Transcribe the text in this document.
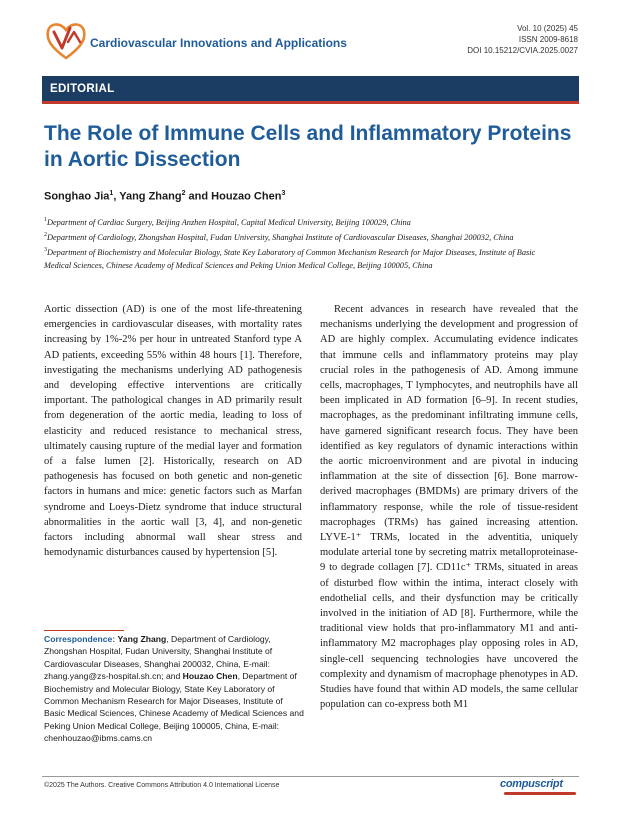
Cardiovascular Innovations and Applications
Vol. 10 (2025) 45
ISSN 2009-8618
DOI 10.15212/CVIA.2025.0027
EDITORIAL
The Role of Immune Cells and Inflammatory Proteins in Aortic Dissection
Songhao Jia$^1$, Yang Zhang$^2$ and Houzao Chen$^3$

$^1$Department of Cardiac Surgery, Beijing Anzhen Hospital, Capital Medical University, Beijing 100029, China

$^2$Department of Cardiology, Zhongshan Hospital, Fudan University, Shanghai Institute of Cardiovascular Diseases, Shanghai 200032, China

$^3$Department of Biochemistry and Molecular Biology, State Key Laboratory of Common Mechanism Research for Major Diseases, Institute of Basic Medical Sciences, Chinese Academy of Medical Sciences and Peking Union Medical College, Beijing 100005, China

Aortic dissection (AD) is one of the most life-threatening emergencies in cardiovascular diseases, with mortality rates increasing by 1%-2% per hour in untreated Stanford type A AD patients, exceeding 55% within 48 hours [1]. Therefore, investigating the mechanisms underlying AD pathogenesis and developing effective interventions are critically important. The pathological changes in AD primarily result from degeneration of the aortic media, leading to loss of elasticity and reduced resistance to mechanical stress, ultimately causing rupture of the medial layer and formation of a false lumen [2]. Historically, research on AD pathogenesis has focused on both genetic and non-genetic factors in humans and mice: genetic factors such as Marfan syndrome and Loeys-Dietz syndrome that induce structural abnormalities in the aortic wall [3, 4], and non-genetic factors including abnormal wall shear stress and hemodynamic disturbances caused by hypertension [5].

Recent advances in research have revealed that the mechanisms underlying the development and progression of AD are highly complex. Accumulating evidence indicates that immune cells and inflammatory proteins may play crucial roles in the pathogenesis of AD. Among immune cells, macrophages, T lymphocytes, and neutrophils have all been implicated in AD formation [6–9]. In recent studies, macrophages, as the predominant infiltrating immune cells, have garnered significant research focus. They have been identified as key regulators of dynamic interactions within the aortic microenvironment and are pivotal in inducing inflammation at the site of dissection [6]. Bone marrow-derived macrophages (BMDMs) are primary drivers of the inflammatory response, while the role of tissue-resident macrophages (TRMs) has gained increasing attention. LYVE-1⁺ TRMs, located in the adventitia, uniquely modulate arterial tone by secreting matrix metalloproteinase-9 to degrade collagen [7]. CD11c⁺ TRMs, situated in areas of disturbed flow within the intima, interact closely with endothelial cells, and their dysfunction may be critically involved in the initiation of AD [8]. Furthermore, while the traditional view holds that pro-inflammatory M1 and anti-inflammatory M2 macrophages play opposing roles in AD, single-cell sequencing technologies have uncovered the complexity and dynamism of macrophage phenotypes in AD. Studies have found that within AD models, the same cellular population can co-express both M1

Correspondence: Yang Zhang, Department of Cardiology, Zhongshan Hospital, Fudan University, Shanghai Institute of Cardiovascular Diseases, Shanghai 200032, China, E-mail: zhang.yang@zs-hospital.sh.cn; and Houzao Chen, Department of Biochemistry and Molecular Biology, State Key Laboratory of Common Mechanism Research for Major Diseases, Institute of Basic Medical Sciences, Chinese Academy of Medical Sciences and Peking Union Medical College, Beijing 100005, China, E-mail: chenhouzao@ibms.cams.cn
©2025 The Authors. Creative Commons Attribution 4.0 International License	compuscript
